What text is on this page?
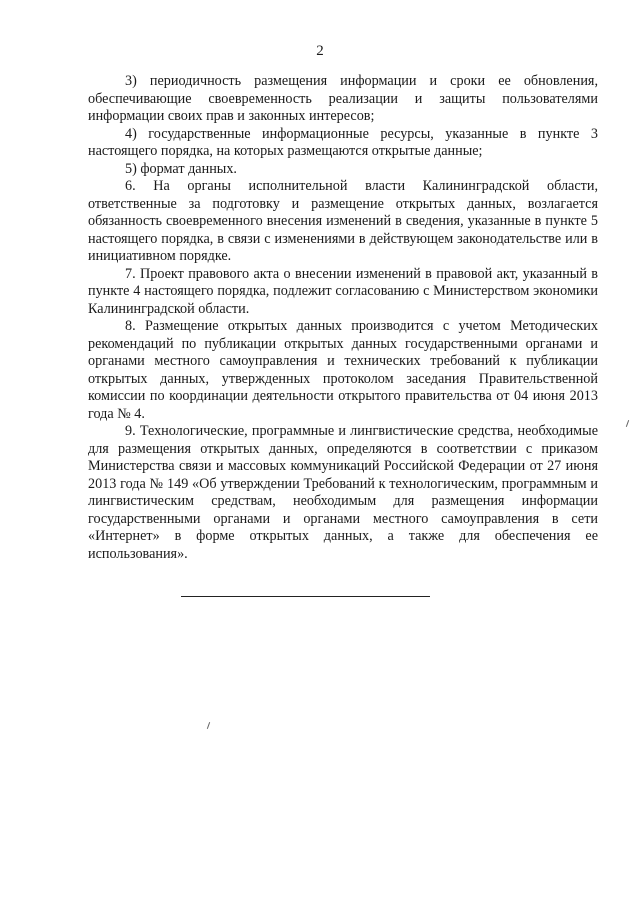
2

3) периодичность размещения информации и сроки ее обновления, обеспечивающие своевременность реализации и защиты пользователями информации своих прав и законных интересов;

4) государственные информационные ресурсы, указанные в пункте 3 настоящего порядка, на которых размещаются открытые данные;

5) формат данных.

6. На органы исполнительной власти Калининградской области, ответственные за подготовку и размещение открытых данных, возлагается обязанность своевременного внесения изменений в сведения, указанные в пункте 5 настоящего порядка, в связи с изменениями в действующем законодательстве или в инициативном порядке.

7. Проект правового акта о внесении изменений в правовой акт, указанный в пункте 4 настоящего порядка, подлежит согласованию с Министерством экономики Калининградской области.

8. Размещение открытых данных производится с учетом Методических рекомендаций по публикации открытых данных государственными органами и органами местного самоуправления и технических требований к публикации открытых данных, утвержденных протоколом заседания Правительственной комиссии по координации деятельности открытого правительства от 04 июня 2013 года № 4.

9. Технологические, программные и лингвистические средства, необходимые для размещения открытых данных, определяются в соответствии с приказом Министерства связи и массовых коммуникаций Российской Федерации от 27 июня 2013 года № 149 «Об утверждении Требований к технологическим, программным и лингвистическим средствам, необходимым для размещения информации государственными органами и органами местного самоуправления в сети «Интернет» в форме открытых данных, а также для обеспечения ее использования».
